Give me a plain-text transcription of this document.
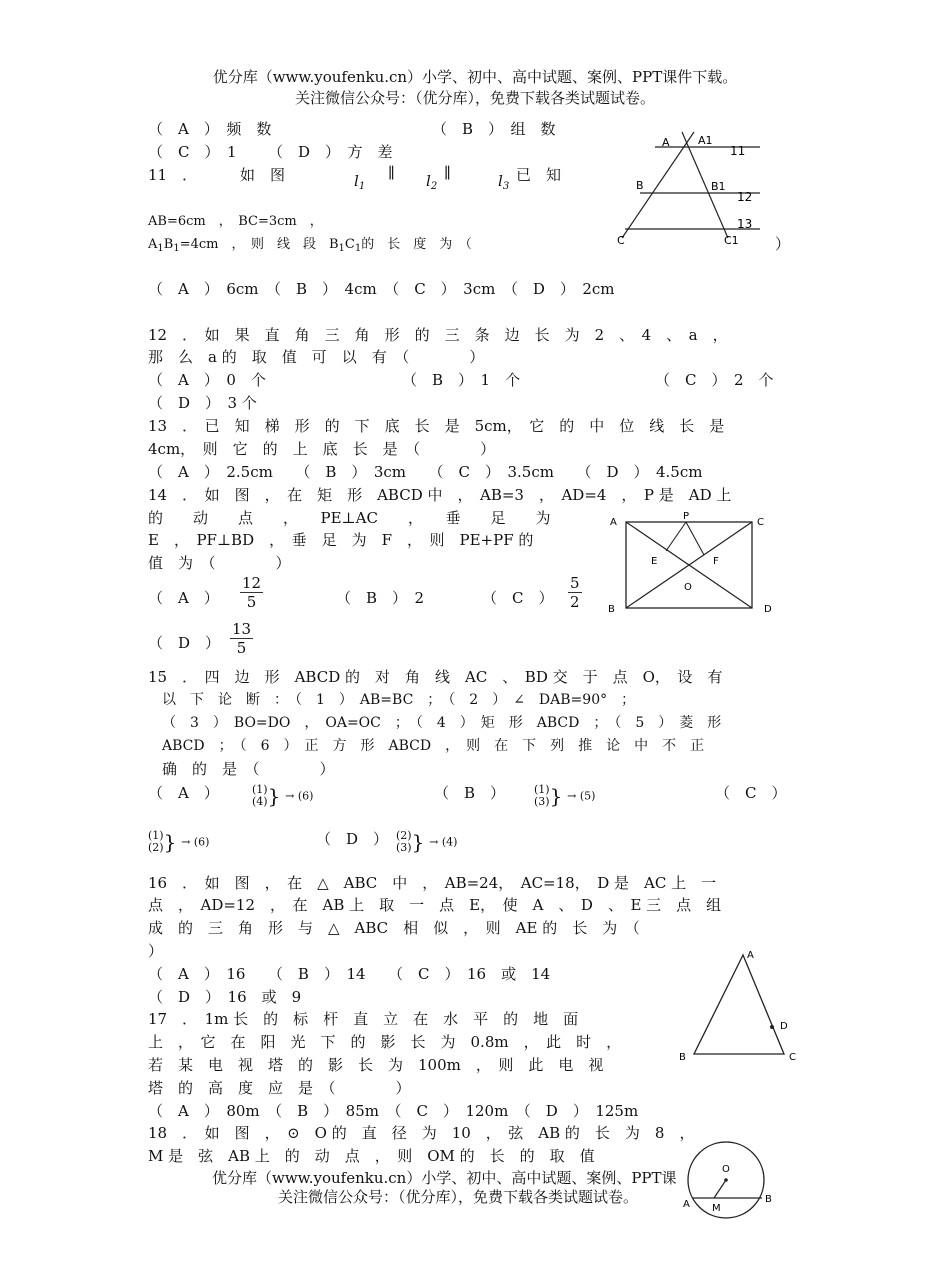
优分库（www.youfenku.cn）小学、初中、高中试题、案例、PPT课件下载。
关注微信公众号：（优分库），免费下载各类试题试卷。
（　A　）　频　数	（　B　）　组　数
（　C　）　1 （　D　）　方　差
11　．	如　图	$l_1$
∥ $l_2$
∥	$l_3$
已　知
AB=6cm　，　BC=3cm　，
$A_1B_1=4cm$　，　则　线　段　$B_1C_1$的　长　度　为　（	）
（　A　）　6cm　（　B　）　4cm　（　C　）　3cm　（　D　）　2cm
A	A1
11
B	B1
12
13
C	C1
12　．　如　果　直　角　三　角　形　的　三　条　边　长　为　2　、　4　、　a　，
那　么　a 的　取　值　可　以　有　（　　　　）
（　A　）　0　个	（　B　）　1　个	（　C　）　2　个
（　D　）　3 个
13　．　已　知　梯　形　的　下　底　长　是　5cm，　它　的　中　位　线　长　是
4cm，　则　它　的　上　底　长　是　（　　　　）
（　A　）　2.5cm　　（　B　）　3cm　　（　C　）　3.5cm　　（　D　）　4.5cm
14　．　如　图　，　在　矩　形　ABCD 中　，　AB=3　，　AD=4　，　P 是　AD 上
的　　动　　点　　，　　PE⊥AC　　，　　垂　　足　　为
E　，　PF⊥BD　，　垂　足　为　F　，　则　PE+PF 的
值　为　（　　　　）
（　A　） $\frac{12}{5}$	（　B　）　2	（　C　） $\frac{5}{2}$
（　D　） $\frac{13}{5}$
A
P
C
E	F
O
B	D
15　．　四　边　形　ABCD 的　对　角　线　AC　、　BD 交　于　点　O，　设　有
以　下　论　断　：　（　1　）　AB=BC　；　（　2　）　∠　DAB=90°　；
（　3　）　BO=DO　，　OA=OC　；　（　4　）　矩　形　ABCD　；　（　5　）　菱　形
ABCD　；　（　6　）　正　方　形　ABCD　，　则　在　下　列　推　论　中　不　正
确　的　是　（　　　　）
（　A　）	(1)
(4) } → (6)	（　B　）	(1)
(3) } → (5)	（　C　）
(1)
(2) } → (6)	（　D　） (2)
(3) } → (4)
16　．　如　图　，　在　△　ABC　中　，　AB=24，　AC=18，　D 是　AC 上　一
点　，　AD=12　，　在　AB 上　取　一　点　E，　使　A　、　D　、　E 三　点　组
成　的　三　角　形　与　△　ABC　相　似　，　则　AE 的　长　为　（
）
（　A　）　16　　（　B　）　14　　（　C　）　16　或　14
（　D　）　16　或　9
A
D
B	C
17　．　1m 长　的　标　杆　直　立　在　水　平　的　地　面
上　，　它　在　阳　光　下　的　影　长　为　0.8m　，　此　时　，
若　某　电　视　塔　的　影　长　为　100m　，　则　此　电　视
塔　的　高　度　应　是　（　　　　）
（　A　）　80m　（　B　）　85m　（　C　）　120m　（　D　）　125m
18　．　如　图　，　⊙　O 的　直　径　为　10　，　弦　AB 的　长　为　8　，
M 是　弦　AB 上　的　动　点　，　则　OM 的　长　的　取　值
O
A M
B
优分库（www.youfenku.cn）小学、初中、高中试题、案例、PPT课
关注微信公众号：（优分库），免费下载各类试题试卷。
